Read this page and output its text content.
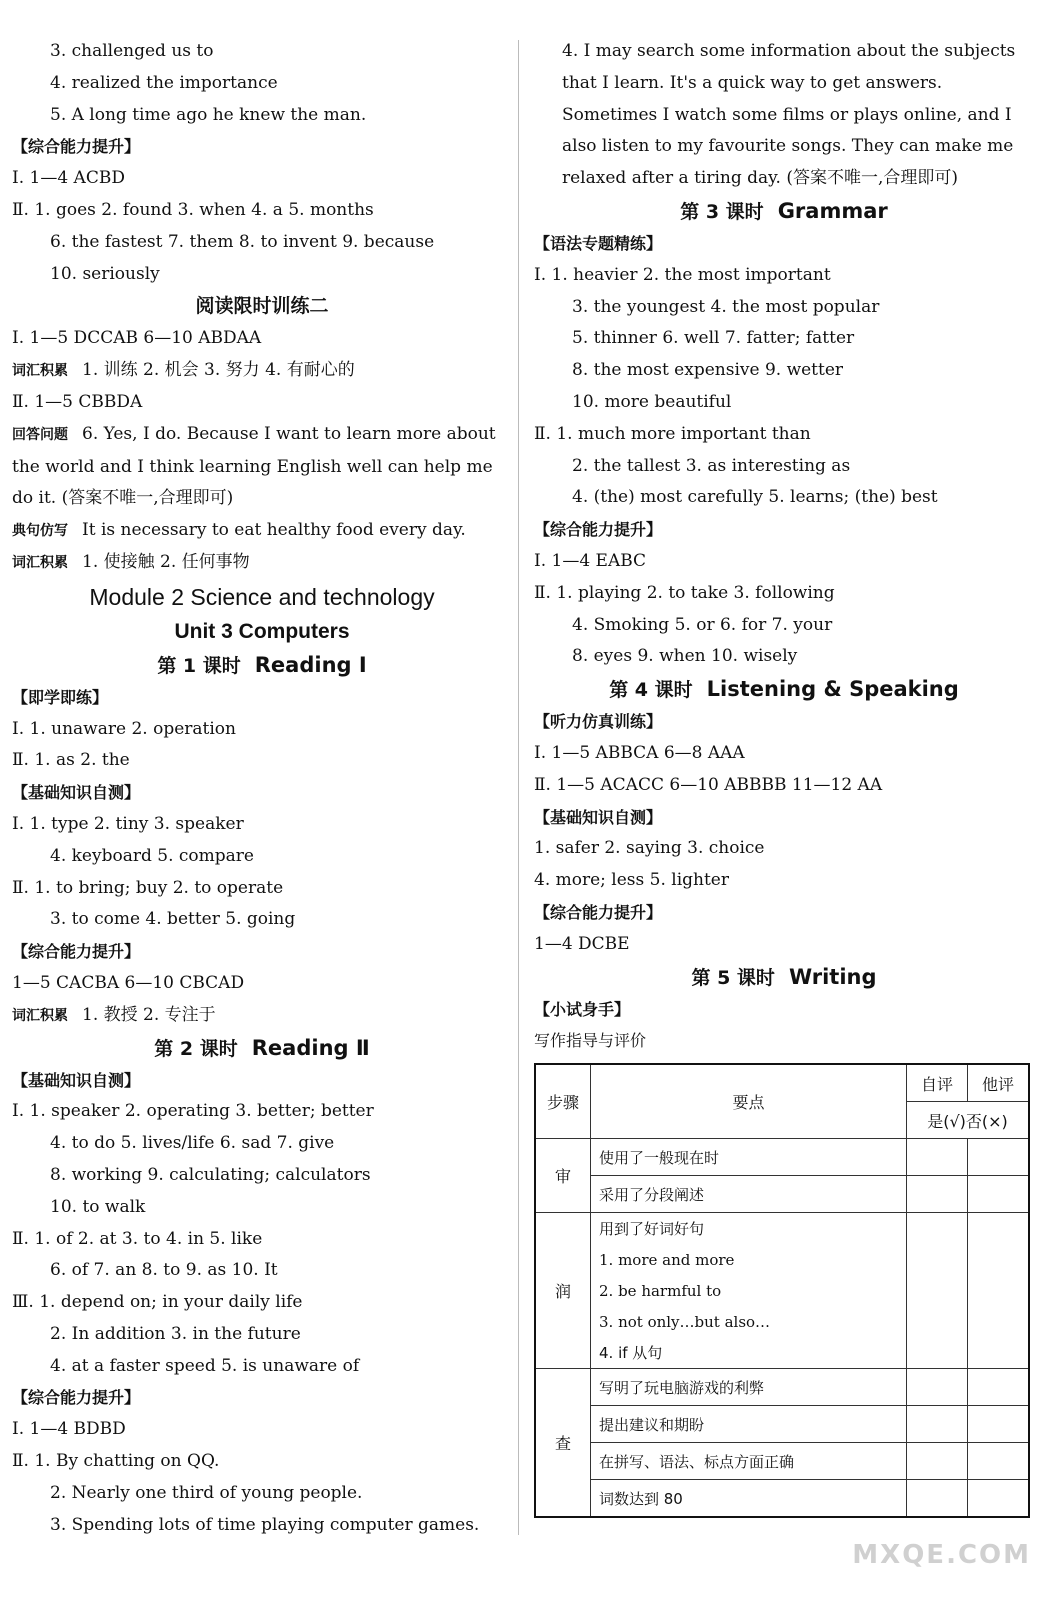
3. challenged us to
4. realized the importance
5. A long time ago he knew the man.
【综合能力提升】
Ⅰ. 1—4 ACBD
Ⅱ. 1. goes 2. found 3. when 4. a 5. months
6. the fastest 7. them 8. to invent 9. because
10. seriously
阅读限时训练二
Ⅰ. 1—5 DCCAB 6—10 ABDAA
词汇积累 1. 训练 2. 机会 3. 努力 4. 有耐心的
Ⅱ. 1—5 CBBDA
回答问题 6. Yes, I do. Because I want to learn more about the world and I think learning English well can help me do it. (答案不唯一,合理即可)
典句仿写 It is necessary to eat healthy food every day.
词汇积累 1. 使接触 2. 任何事物
Module 2 Science and technology
Unit 3 Computers
第 1 课时 Reading Ⅰ
【即学即练】
Ⅰ. 1. unaware 2. operation
Ⅱ. 1. as 2. the
【基础知识自测】
Ⅰ. 1. type 2. tiny 3. speaker
4. keyboard 5. compare
Ⅱ. 1. to bring; buy 2. to operate
3. to come 4. better 5. going
【综合能力提升】
1—5 CACBA 6—10 CBCAD
词汇积累 1. 教授 2. 专注于
第 2 课时 Reading Ⅱ
【基础知识自测】
Ⅰ. 1. speaker 2. operating 3. better; better
4. to do 5. lives/life 6. sad 7. give
8. working 9. calculating; calculators
10. to walk
Ⅱ. 1. of 2. at 3. to 4. in 5. like
6. of 7. an 8. to 9. as 10. It
Ⅲ. 1. depend on; in your daily life
2. In addition 3. in the future
4. at a faster speed 5. is unaware of
【综合能力提升】
Ⅰ. 1—4 BDBD
Ⅱ. 1. By chatting on QQ.
2. Nearly one third of young people.
3. Spending lots of time playing computer games.
4. I may search some information about the subjects that I learn. It's a quick way to get answers. Sometimes I watch some films or plays online, and I also listen to my favourite songs. They can make me relaxed after a tiring day. (答案不唯一,合理即可)
第 3 课时 Grammar
【语法专题精练】
Ⅰ. 1. heavier 2. the most important
3. the youngest 4. the most popular
5. thinner 6. well 7. fatter; fatter
8. the most expensive 9. wetter
10. more beautiful
Ⅱ. 1. much more important than
2. the tallest 3. as interesting as
4. (the) most carefully 5. learns; (the) best
【综合能力提升】
Ⅰ. 1—4 EABC
Ⅱ. 1. playing 2. to take 3. following
4. Smoking 5. or 6. for 7. your
8. eyes 9. when 10. wisely
第 4 课时 Listening & Speaking
【听力仿真训练】
Ⅰ. 1—5 ABBCA 6—8 AAA
Ⅱ. 1—5 ACACC 6—10 ABBBB 11—12 AA
【基础知识自测】
1. safer 2. saying 3. choice
4. more; less 5. lighter
【综合能力提升】
1—4 DCBE
第 5 课时 Writing
【小试身手】
写作指导与评价
步骤	要点	自评	他评
		是(√)否(×)	
审	使用了一般现在时		
	采用了分段阐述		
润	用到了好词好句		
	1. more and more		
	2. be harmful to		
	3. not only…but also…		
	4. if 从句		
查	写明了玩电脑游戏的利弊		
	提出建议和期盼		
	在拼写、语法、标点方面正确		
	词数达到 80		
MXQE.COM
